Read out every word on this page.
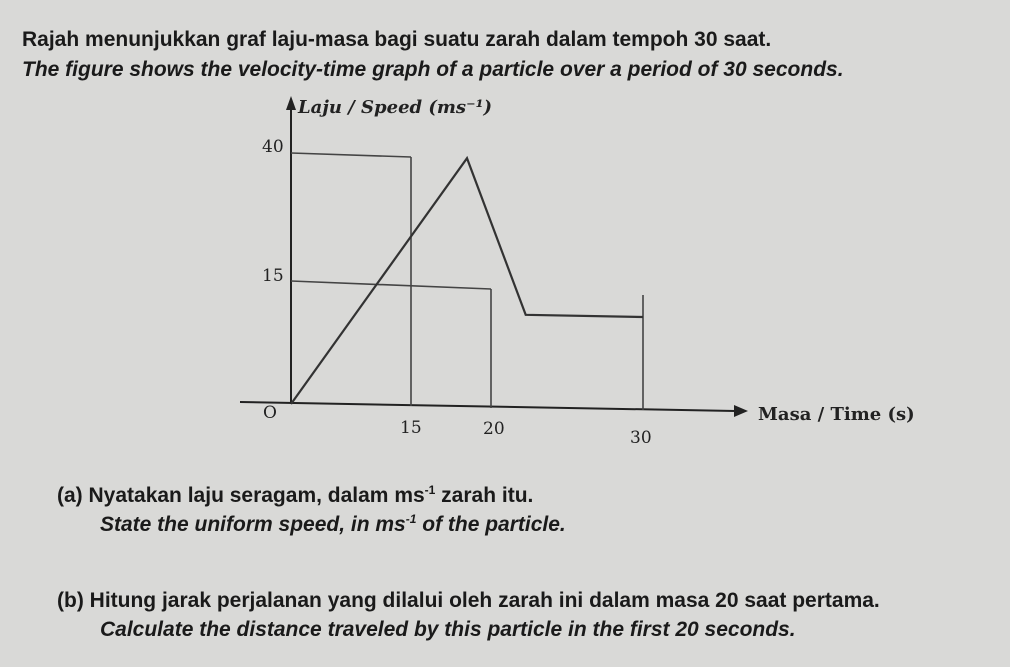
Rajah menunjukkan graf laju-masa bagi suatu zarah dalam tempoh 30 saat.
The figure shows the velocity-time graph of a particle over a period of 30 seconds.
Laju / Speed (ms⁻¹)
40
15
O
15	20	30
Masa / Time (s)
(a) Nyatakan laju seragam, dalam $ms^{-1}$ zarah itu.
State the uniform speed, in $ms^{-1}$ of the particle.
(b) Hitung jarak perjalanan yang dilalui oleh zarah ini dalam masa 20 saat pertama.
Calculate the distance traveled by this particle in the first 20 seconds.
